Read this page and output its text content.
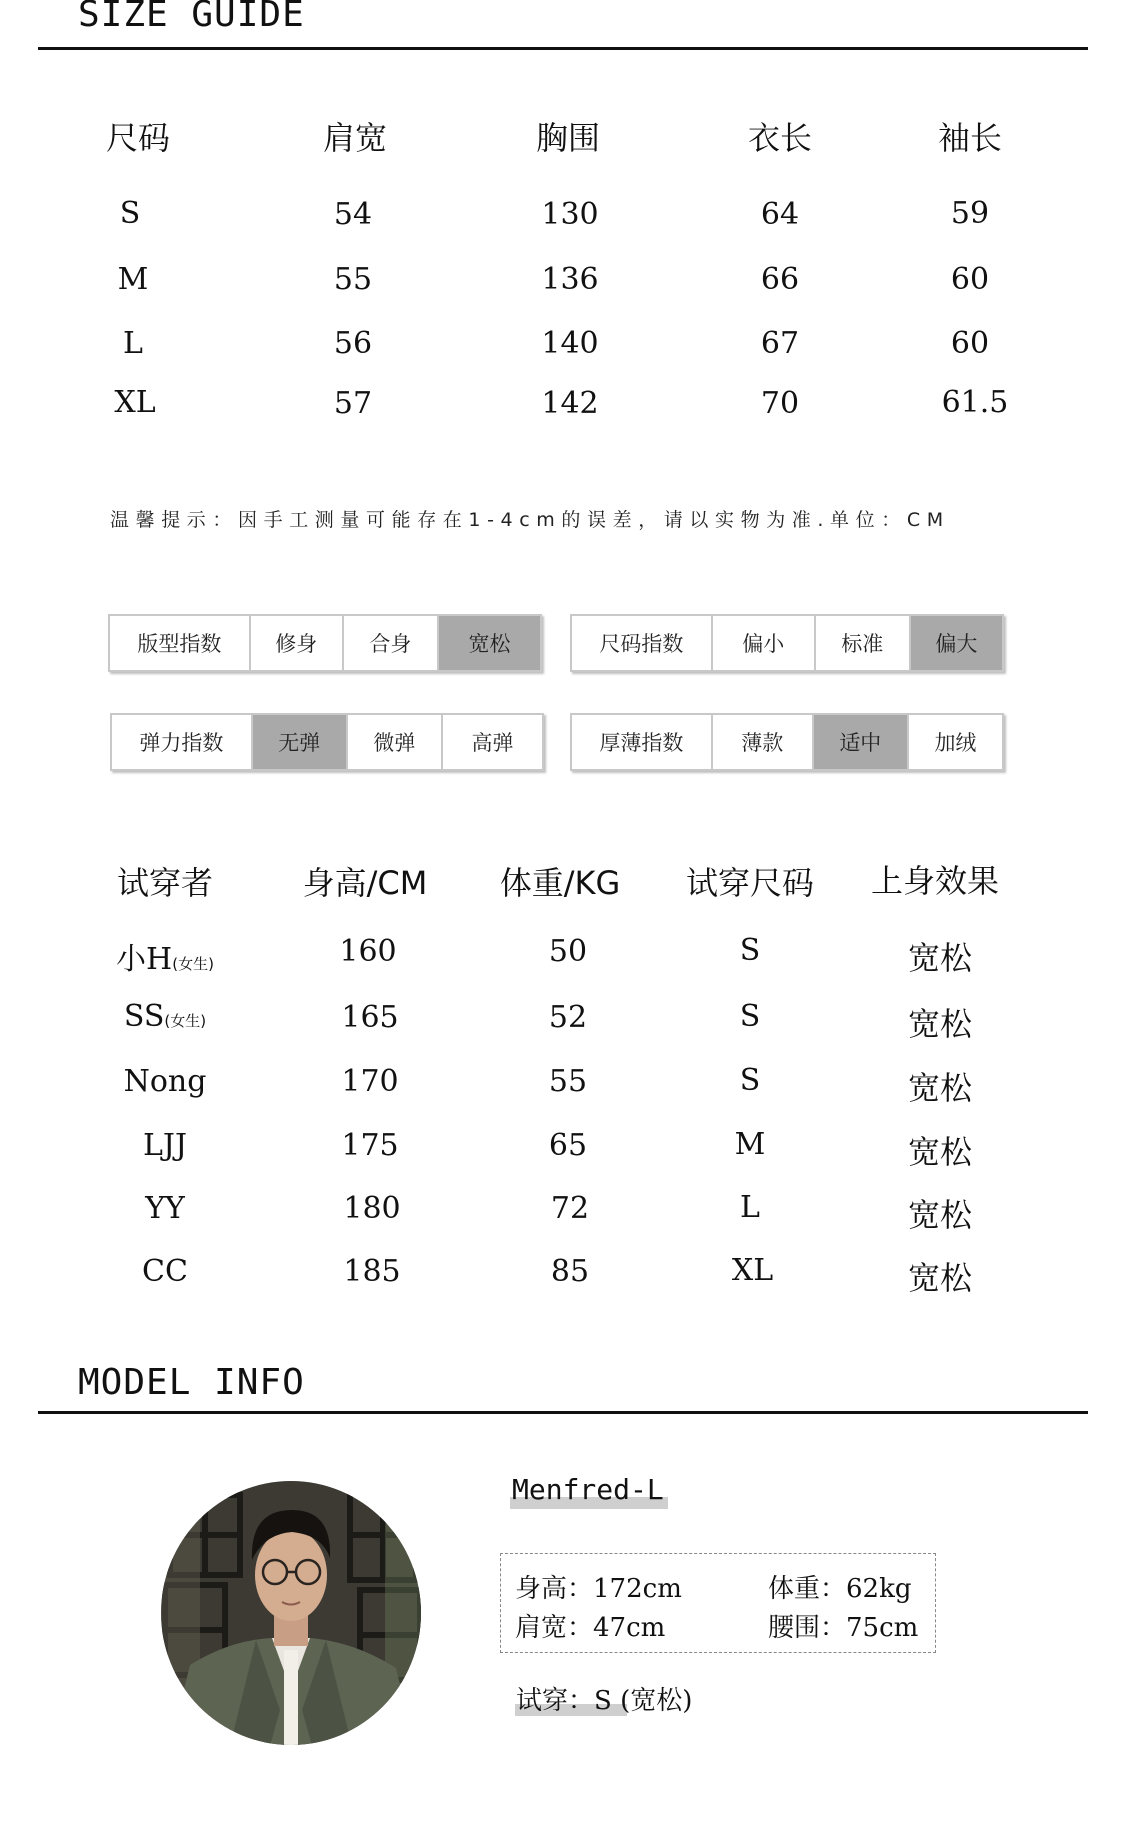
SIZE GUIDE
尺码	肩宽	胸围	衣长	袖长
S	54	130	64	59
M	55	136	66	60
L	56	140	67	60
XL	57	142	70	61.5
温馨提示：因手工测量可能存在1-4cm的误差，请以实物为准.单位：CM
版型指数	修身	合身	宽松	尺码指数	偏小	标准	偏大
弹力指数	无弹	微弹	高弹	厚薄指数	薄款	适中	加绒
试穿者	身高/CM	体重/KG	试穿尺码	上身效果
小H(女生)	160	50	S	宽松
SS(女生)	165	52	S	宽松
Nong	170	55	S	宽松
LJJ	175	65	M	宽松
YY	180	72	L	宽松
CC	185	85	XL	宽松
MODEL INFO
Menfred-L
身高：172cm	体重：62kg
肩宽：47cm	腰围：75cm
试穿：S (宽松)
